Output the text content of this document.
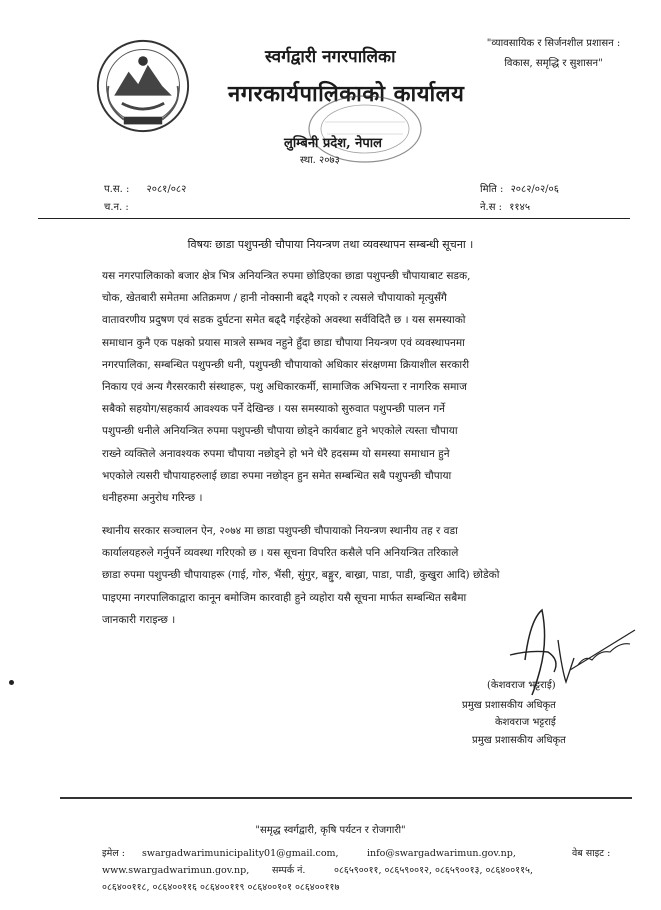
स्वर्गद्वारी नगरपालिका
नगरकार्यपालिकाको कार्यालय
लुम्बिनी प्रदेश, नेपाल
स्था. २०७३
"व्यावसायिक र सिर्जनशील प्रशासन :
विकास, समृद्धि र सुशासन"
प.स. : २०८१/०८२
च.न. :
मिति : २०८२/०२/०६
ने.स : ११४५
विषयः छाडा पशुपन्छी चौपाया नियन्त्रण तथा व्यवस्थापन सम्बन्धी सूचना ।

यस नगरपालिकाको बजार क्षेत्र भित्र अनियन्त्रित रुपमा छोडिएका छाडा पशुपन्छी चौपायाबाट सडक,

चोक, खेतबारी समेतमा अतिक्रमण / हानी नोक्सानी बढ्दै गएको र त्यसले चौपायाको मृत्युसँगै

वातावरणीय प्रदुषण एवं सडक दुर्घटना समेत बढ्दै गईरहेको अवस्था सर्वविदितै छ । यस समस्याको

समाधान कुनै एक पक्षको प्रयास मात्रले सम्भव नहुने हुँदा छाडा चौपाया नियन्त्रण एवं व्यवस्थापनमा

नगरपालिका, सम्बन्धित पशुपन्छी धनी, पशुपन्छी चौपायाको अधिकार संरक्षणमा क्रियाशील सरकारी

निकाय एवं अन्य गैरसरकारी संस्थाहरू, पशु अधिकारकर्मी, सामाजिक अभियन्ता र नागरिक समाज

सबैको सहयोग/सहकार्य आवश्यक पर्ने देखिन्छ । यस समस्याको सुरुवात पशुपन्छी पालन गर्ने

पशुपन्छी धनीले अनियन्त्रित रुपमा पशुपन्छी चौपाया छोड्ने कार्यबाट हुने भएकोले त्यस्ता चौपाया

राख्ने व्यक्तिले अनावश्यक रुपमा चौपाया नछोड्ने हो भने धेरै हदसम्म यो समस्या समाधान हुने

भएकोले त्यसरी चौपायाहरुलाई छाडा रुपमा नछोड्न हुन समेत सम्बन्धित सबै पशुपन्छी चौपाया

धनीहरुमा अनुरोध गरिन्छ ।

स्थानीय सरकार सञ्चालन ऐन, २०७४ मा छाडा पशुपन्छी चौपायाको नियन्त्रण स्थानीय तह र वडा

कार्यालयहरुले गर्नुपर्ने व्यवस्था गरिएको छ । यस सूचना विपरित कसैले पनि अनियन्त्रित तरिकाले

छाडा रुपमा पशुपन्छी चौपायाहरू (गाई, गोरु, भैंसी, सुंगुर, बङ्गुर, बाख्रा, पाडा, पाडी, कुखुरा आदि) छोडेको

पाइएमा नगरपालिकाद्वारा कानून बमोजिम कारवाही हुने व्यहोरा यसै सूचना मार्फत सम्बन्धित सबैमा

जानकारी गराइन्छ ।

(केशवराज भट्टराई)
प्रमुख प्रशासकीय अधिकृत
केशवराज भट्टराई
प्रमुख प्रशासकीय अधिकृत
"समृद्ध स्वर्गद्वारी, कृषि पर्यटन र रोजगारी"
इमेल : swargadwarimunicipality01@gmail.com,	info@swargadwarimun.gov.np,	वेब साइट :
www.swargadwarimun.gov.np, सम्पर्क नं.	०८६५९००११, ०८६५९००१२, ०८६५९००१३, ०८६४००११५,
०८६४००११८, ०८६४००११६ ०८६४००११९ ०८६४००१०१ ०८६४००११७
